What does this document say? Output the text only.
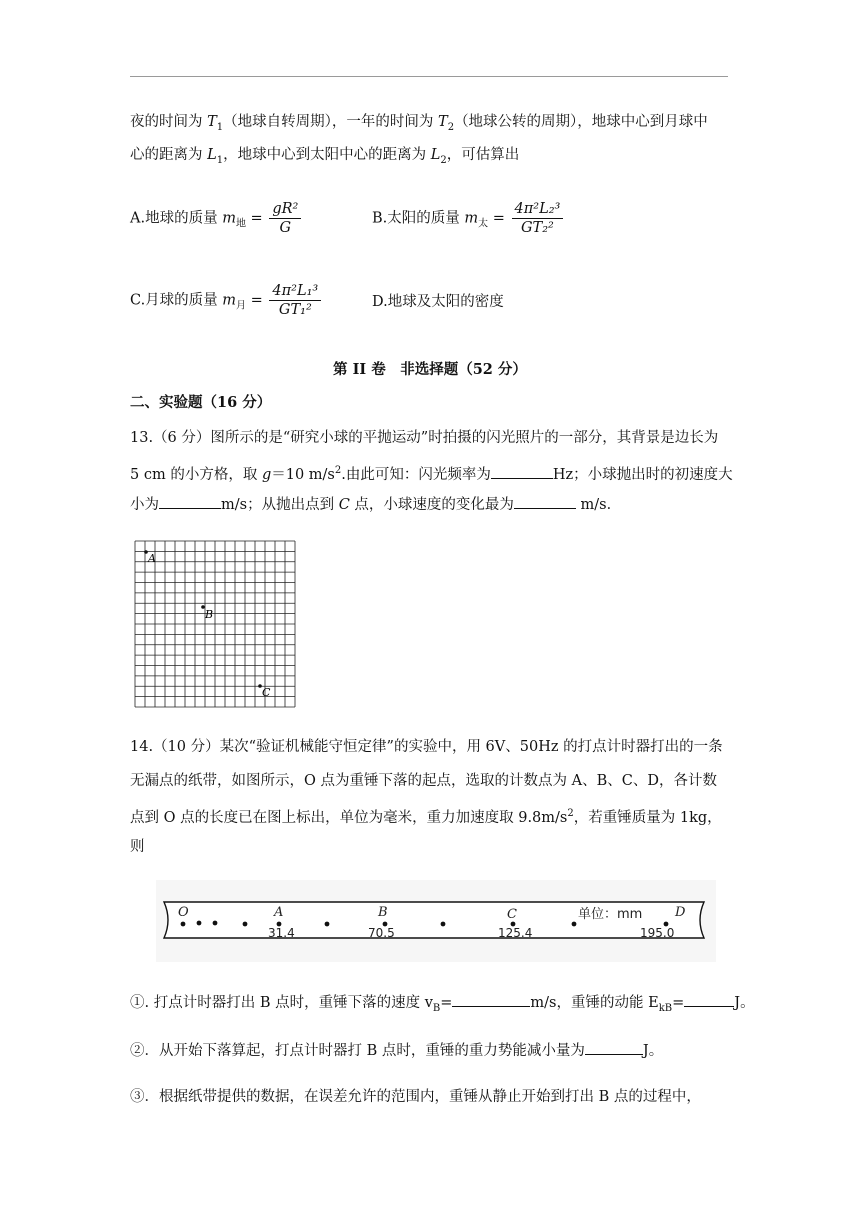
夜的时间为 $T_1$（地球自转周期），一年的时间为 $T_2$（地球公转的周期），地球中心到月球中
心的距离为 $L_1$，地球中心到太阳中心的距离为 $L_2$，可估算出
A.地球的质量 $m_地 = \frac{\text{gR²}}{G}$	B.太阳的质量 $m_太 = \frac{\text{4π²L₂³}}{\text{GT₂²}}$
C.月球的质量 $m_月 = \frac{\text{4π²L₁³}}{\text{GT₁²}}$	D.地球及太阳的密度
第 II 卷　非选择题（52 分）
二、实验题（16 分）
13.（6 分）图所示的是“研究小球的平抛运动”时拍摄的闪光照片的一部分，其背景是边长为
5 cm 的小方格，取 g＝10 $m/s^2$.由此可知：闪光频率为	Hz；小球抛出时的初速度大
小为	m/s；从抛出点到 C 点，小球速度的变化最为	m/s．
A
B
C
14.（10 分）某次“验证机械能守恒定律”的实验中，用 6V、50Hz 的打点计时器打出的一条
无漏点的纸带，如图所示，O 点为重锤下落的起点，选取的计数点为 A、B、C、D，各计数
点到 O 点的长度已在图上标出，单位为毫米，重力加速度取 $9.8m/s^2$，若重锤质量为 1kg，
则
O	A	B	C	D
单位：mm
31.4	70.5	125.4	195.0
①. 打点计时器打出 B 点时，重锤下落的速度 $v_B=$	m/s，重锤的动能 $E_{kB}=$	J。
②．从开始下落算起，打点计时器打 B 点时，重锤的重力势能减小量为	J。
③．根据纸带提供的数据，在误差允许的范围内，重锤从静止开始到打出 B 点的过程中，
